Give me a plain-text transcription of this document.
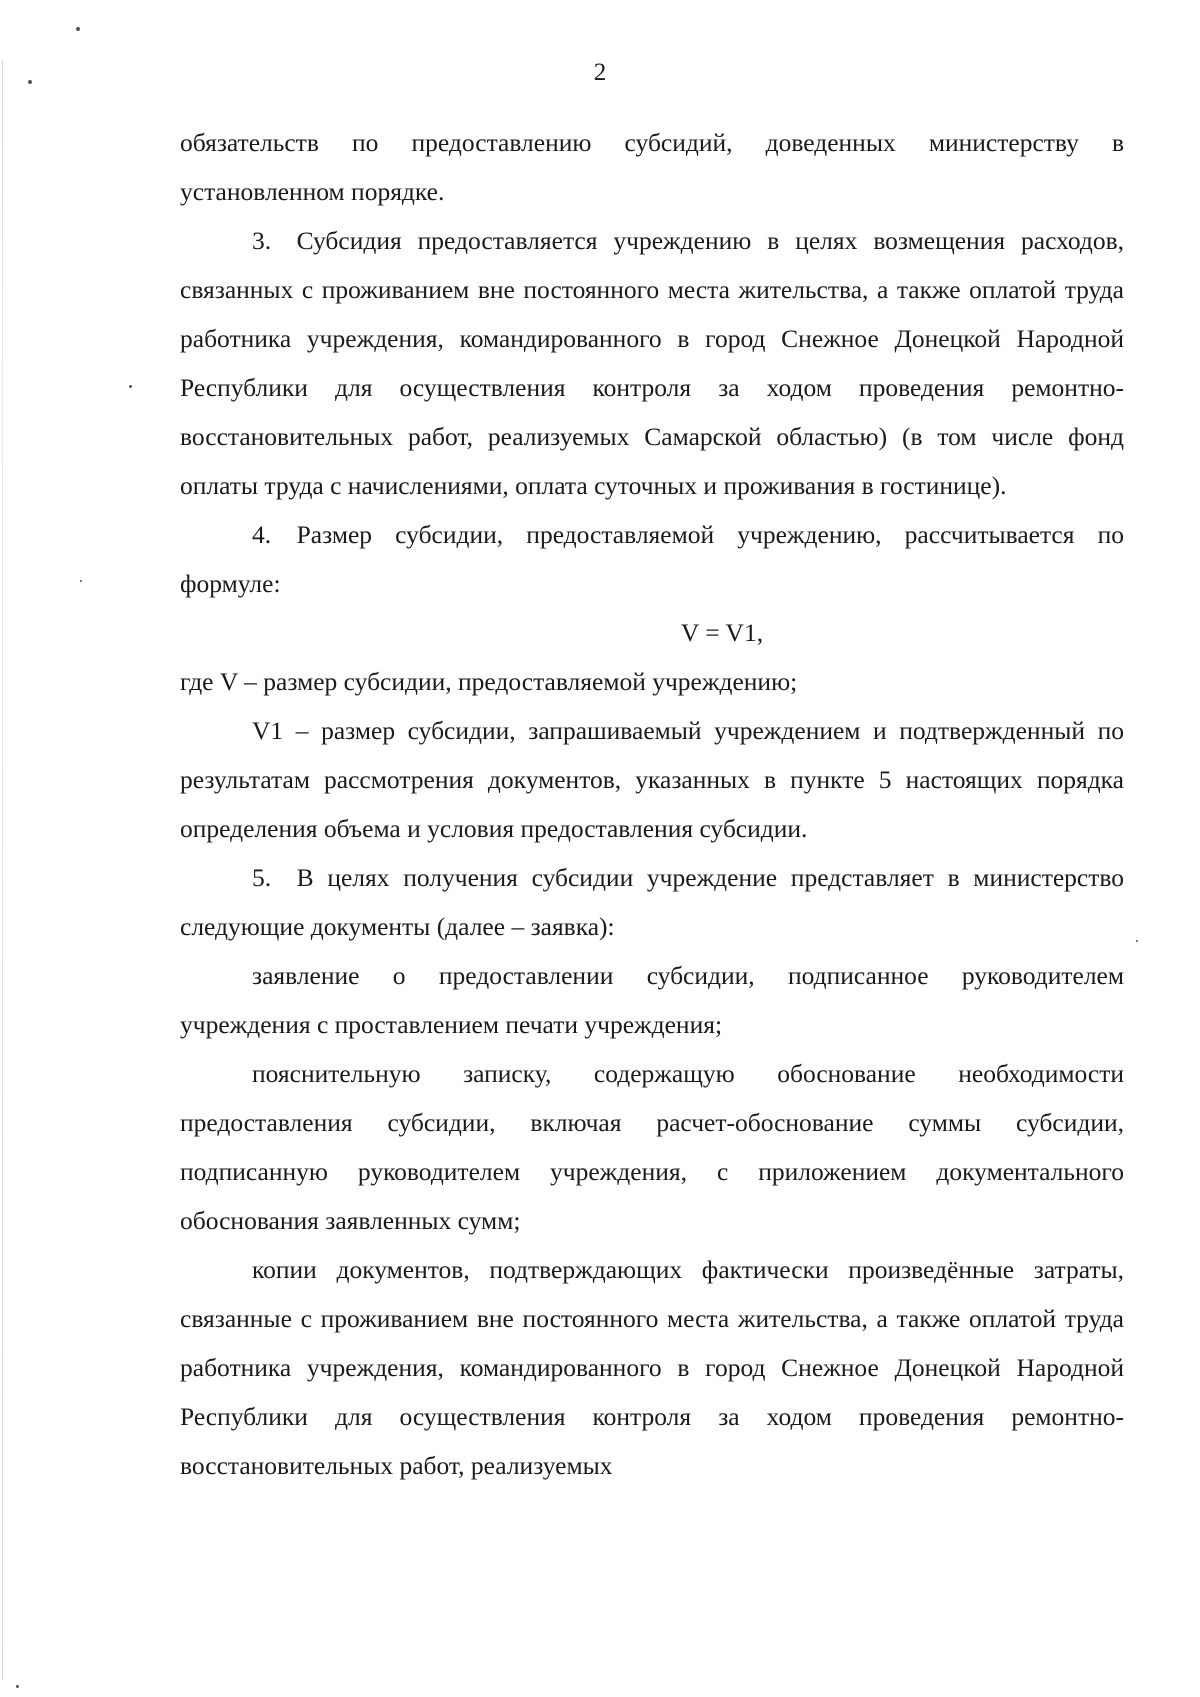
2

обязательств по предоставлению субсидий, доведенных министерству в установленном порядке.

3. Субсидия предоставляется учреждению в целях возмещения расходов, связанных с проживанием вне постоянного места жительства, а также оплатой труда работника учреждения, командированного в город Снежное Донецкой Народной Республики для осуществления контроля за ходом проведения ремонтно-восстановительных работ, реализуемых Самарской областью) (в том числе фонд оплаты труда с начислениями, оплата суточных и проживания в гостинице).

4. Размер субсидии, предоставляемой учреждению, рассчитывается по формуле:

V = V1,

где V – размер субсидии, предоставляемой учреждению;

V1 – размер субсидии, запрашиваемый учреждением и подтвержденный по результатам рассмотрения документов, указанных в пункте 5 настоящих порядка определения объема и условия предоставления субсидии.

5. В целях получения субсидии учреждение представляет в министерство следующие документы (далее – заявка):

заявление о предоставлении субсидии, подписанное руководителем учреждения с проставлением печати учреждения;

пояснительную записку, содержащую обоснование необходимости предоставления субсидии, включая расчет-обоснование суммы субсидии, подписанную руководителем учреждения, с приложением документального обоснования заявленных сумм;

копии документов, подтверждающих фактически произведённые затраты, связанные с проживанием вне постоянного места жительства, а также оплатой труда работника учреждения, командированного в город Снежное Донецкой Народной Республики для осуществления контроля за ходом проведения ремонтно-восстановительных работ, реализуемых
